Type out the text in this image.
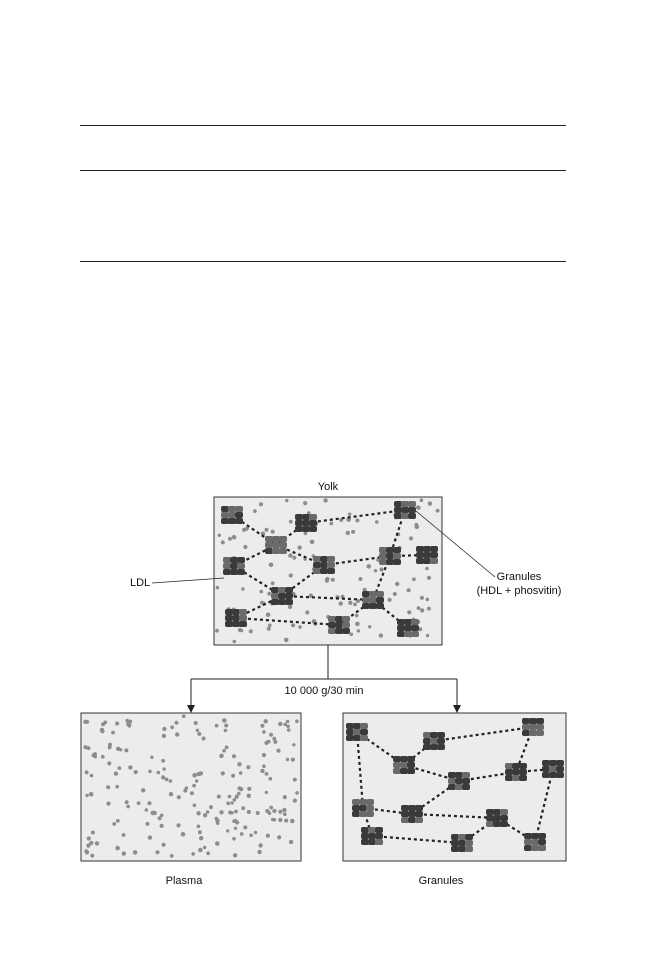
Yolk
LDL	Granules
(HDL + phosvitin)
10 000 g/30 min
Plasma	Granules
